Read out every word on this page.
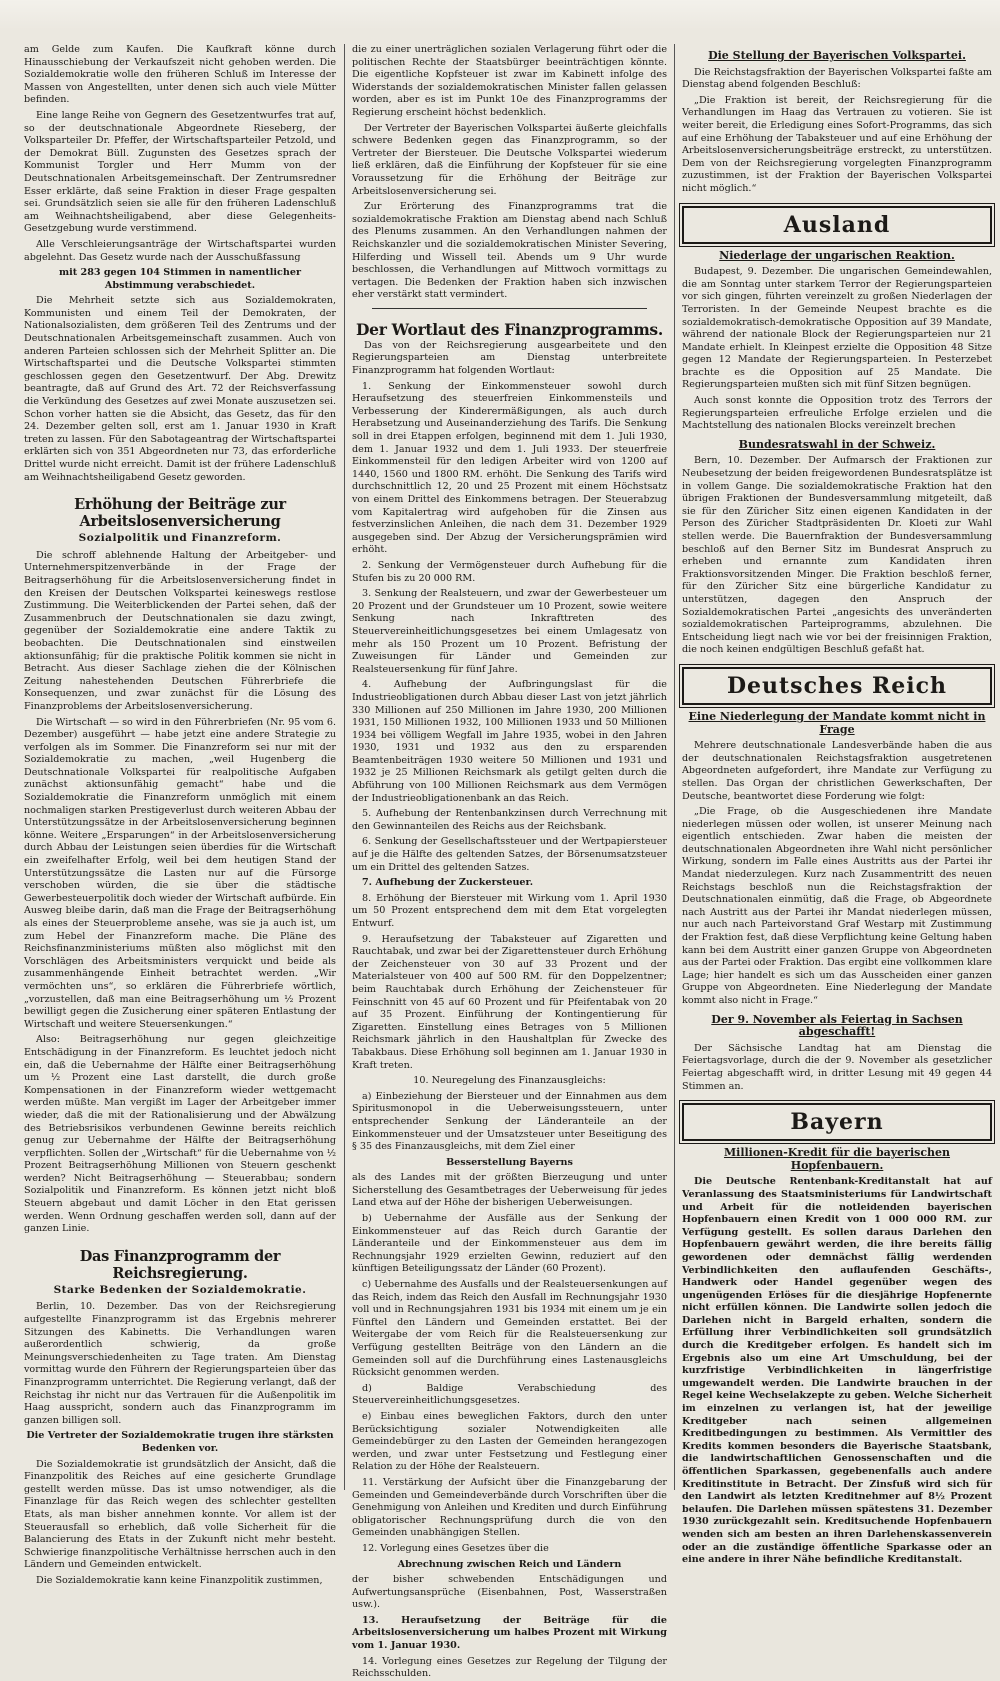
am Gelde zum Kaufen. Die Kaufkraft könne durch Hinausschiebung der Verkaufszeit nicht gehoben werden. Die Sozialdemokratie wolle den früheren Schluß im Interesse der Massen von Angestellten, unter denen sich auch viele Mütter befinden.

Eine lange Reihe von Gegnern des Gesetzentwurfes trat auf, so der deutschnationale Abgeordnete Rieseberg, der Volksparteiler Dr. Pfeffer, der Wirtschaftsparteiler Petzold, und der Demokrat Büll. Zugunsten des Gesetzes sprach der Kommunist Torgler und Herr Mumm von der Deutschnationalen Arbeitsgemeinschaft. Der Zentrumsredner Esser erklärte, daß seine Fraktion in dieser Frage gespalten sei. Grundsätzlich seien sie alle für den früheren Ladenschluß am Weihnachtsheiligabend, aber diese Gelegenheits-Gesetzgebung wurde verstimmend.

Alle Verschleierungsanträge der Wirtschaftspartei wurden abgelehnt. Das Gesetz wurde nach der Ausschußfassung

mit 283 gegen 104 Stimmen in namentlicher Abstimmung verabschiedet.

Die Mehrheit setzte sich aus Sozialdemokraten, Kommunisten und einem Teil der Demokraten, der Nationalsozialisten, dem größeren Teil des Zentrums und der Deutschnationalen Arbeitsgemeinschaft zusammen. Auch von anderen Parteien schlossen sich der Mehrheit Splitter an. Die Wirtschaftspartei und die Deutsche Volkspartei stimmten geschlossen gegen den Gesetzentwurf. Der Abg. Drewitz beantragte, daß auf Grund des Art. 72 der Reichsverfassung die Verkündung des Gesetzes auf zwei Monate auszusetzen sei. Schon vorher hatten sie die Absicht, das Gesetz, das für den 24. Dezember gelten soll, erst am 1. Januar 1930 in Kraft treten zu lassen. Für den Sabotageantrag der Wirtschaftspartei erklärten sich von 351 Abgeordneten nur 73, das erforderliche Drittel wurde nicht erreicht. Damit ist der frühere Ladenschluß am Weihnachtsheiligabend Gesetz geworden.

Erhöhung der Beiträge zur Arbeitslosenversicherung
Sozialpolitik und Finanzreform.

Die schroff ablehnende Haltung der Arbeitgeber- und Unternehmerspitzenverbände in der Frage der Beitragserhöhung für die Arbeitslosenversicherung findet in den Kreisen der Deutschen Volkspartei keineswegs restlose Zustimmung. Die Weiterblickenden der Partei sehen, daß der Zusammenbruch der Deutschnationalen sie dazu zwingt, gegenüber der Sozialdemokratie eine andere Taktik zu beobachten. Die Deutschnationalen sind einstweilen aktionsunfähig; für die praktische Politik kommen sie nicht in Betracht. Aus dieser Sachlage ziehen die der Kölnischen Zeitung nahestehenden Deutschen Führerbriefe die Konsequenzen, und zwar zunächst für die Lösung des Finanzproblems der Arbeitslosenversicherung.

Die Wirtschaft — so wird in den Führerbriefen (Nr. 95 vom 6. Dezember) ausgeführt — habe jetzt eine andere Strategie zu verfolgen als im Sommer. Die Finanzreform sei nur mit der Sozialdemokratie zu machen, „weil Hugenberg die Deutschnationale Volkspartei für realpolitische Aufgaben zunächst aktionsunfähig gemacht“ habe und die Sozialdemokratie die Finanzreform unmöglich mit einem nochmaligen starken Prestigeverlust durch weiteren Abbau der Unterstützungssätze in der Arbeitslosenversicherung beginnen könne. Weitere „Ersparungen“ in der Arbeitslosenversicherung durch Abbau der Leistungen seien überdies für die Wirtschaft ein zweifelhafter Erfolg, weil bei dem heutigen Stand der Unterstützungssätze die Lasten nur auf die Fürsorge verschoben würden, die sie über die städtische Gewerbesteuerpolitik doch wieder der Wirtschaft aufbürde. Ein Ausweg bleibe darin, daß man die Frage der Beitragserhöhung als eines der Steuerprobleme ansehe, was sie ja auch ist, um zum Hebel der Finanzreform mache. Die Pläne des Reichsfinanzministeriums müßten also möglichst mit den Vorschlägen des Arbeitsministers verquickt und beide als zusammenhängende Einheit betrachtet werden. „Wir vermöchten uns“, so erklären die Führerbriefe wörtlich, „vorzustellen, daß man eine Beitragserhöhung um ½ Prozent bewilligt gegen die Zusicherung einer späteren Entlastung der Wirtschaft und weitere Steuersenkungen.“

Also: Beitragserhöhung nur gegen gleichzeitige Entschädigung in der Finanzreform. Es leuchtet jedoch nicht ein, daß die Uebernahme der Hälfte einer Beitragserhöhung um ½ Prozent eine Last darstellt, die durch große Kompensationen in der Finanzreform wieder wettgemacht werden müßte. Man vergißt im Lager der Arbeitgeber immer wieder, daß die mit der Rationalisierung und der Abwälzung des Betriebsrisikos verbundenen Gewinne bereits reichlich genug zur Uebernahme der Hälfte der Beitragserhöhung verpflichten. Sollen der „Wirtschaft“ für die Uebernahme von ½ Prozent Beitragserhöhung Millionen von Steuern geschenkt werden? Nicht Beitragserhöhung — Steuerabbau; sondern Sozialpolitik und Finanzreform. Es können jetzt nicht bloß Steuern abgebaut und damit Löcher in den Etat gerissen werden. Wenn Ordnung geschaffen werden soll, dann auf der ganzen Linie.

Das Finanzprogramm der Reichsregierung.
Starke Bedenken der Sozialdemokratie.

Berlin, 10. Dezember. Das von der Reichsregierung aufgestellte Finanzprogramm ist das Ergebnis mehrerer Sitzungen des Kabinetts. Die Verhandlungen waren außerordentlich schwierig, da große Meinungsverschiedenheiten zu Tage traten. Am Dienstag vormittag wurde den Führern der Regierungsparteien über das Finanzprogramm unterrichtet. Die Regierung verlangt, daß der Reichstag ihr nicht nur das Vertrauen für die Außenpolitik im Haag ausspricht, sondern auch das Finanzprogramm im ganzen billigen soll.

Die Vertreter der Sozialdemokratie trugen ihre stärksten Bedenken vor.

Die Sozialdemokratie ist grundsätzlich der Ansicht, daß die Finanzpolitik des Reiches auf eine gesicherte Grundlage gestellt werden müsse. Das ist umso notwendiger, als die Finanzlage für das Reich wegen des schlechter gestellten Etats, als man bisher annehmen konnte. Vor allem ist der Steuerausfall so erheblich, daß volle Sicherheit für die Balancierung des Etats in der Zukunft nicht mehr besteht. Schwierige finanzpolitische Verhältnisse herrschen auch in den Ländern und Gemeinden entwickelt.

Die Sozialdemokratie kann keine Finanzpolitik zustimmen,

die zu einer unerträglichen sozialen Verlagerung führt oder die politischen Rechte der Staatsbürger beeinträchtigen könnte. Die eigentliche Kopfsteuer ist zwar im Kabinett infolge des Widerstands der sozialdemokratischen Minister fallen gelassen worden, aber es ist im Punkt 10e des Finanzprogramms der Regierung erscheint höchst bedenklich.

Der Vertreter der Bayerischen Volkspartei äußerte gleichfalls schwere Bedenken gegen das Finanzprogramm, so der Vertreter der Biersteuer. Die Deutsche Volkspartei wiederum ließ erklären, daß die Einführung der Kopfsteuer für sie eine Voraussetzung für die Erhöhung der Beiträge zur Arbeitslosenversicherung sei.

Zur Erörterung des Finanzprogramms trat die sozialdemokratische Fraktion am Dienstag abend nach Schluß des Plenums zusammen. An den Verhandlungen nahmen der Reichskanzler und die sozialdemokratischen Minister Severing, Hilferding und Wissell teil. Abends um 9 Uhr wurde beschlossen, die Verhandlungen auf Mittwoch vormittags zu vertagen. Die Bedenken der Fraktion haben sich inzwischen eher verstärkt statt vermindert.

Der Wortlaut des Finanzprogramms.

Das von der Reichsregierung ausgearbeitete und den Regierungsparteien am Dienstag unterbreitete Finanzprogramm hat folgenden Wortlaut:

1. Senkung der Einkommensteuer sowohl durch Heraufsetzung des steuerfreien Einkommensteils und Verbesserung der Kinderermäßigungen, als auch durch Herabsetzung und Auseinanderziehung des Tarifs. Die Senkung soll in drei Etappen erfolgen, beginnend mit dem 1. Juli 1930, dem 1. Januar 1932 und dem 1. Juli 1933. Der steuerfreie Einkommensteil für den ledigen Arbeiter wird von 1200 auf 1440, 1560 und 1800 RM. erhöht. Die Senkung des Tarifs wird durchschnittlich 12, 20 und 25 Prozent mit einem Höchstsatz von einem Drittel des Einkommens betragen. Der Steuerabzug vom Kapitalertrag wird aufgehoben für die Zinsen aus festverzinslichen Anleihen, die nach dem 31. Dezember 1929 ausgegeben sind. Der Abzug der Versicherungsprämien wird erhöht.

2. Senkung der Vermögensteuer durch Aufhebung für die Stufen bis zu 20 000 RM.

3. Senkung der Realsteuern, und zwar der Gewerbesteuer um 20 Prozent und der Grundsteuer um 10 Prozent, sowie weitere Senkung nach Inkrafttreten des Steuervereinheitlichungsgesetzes bei einem Umlagesatz von mehr als 150 Prozent um 10 Prozent. Befristung der Zuweisungen für Länder und Gemeinden zur Realsteuersenkung für fünf Jahre.

4. Aufhebung der Aufbringungslast für die Industrieobligationen durch Abbau dieser Last von jetzt jährlich 330 Millionen auf 250 Millionen im Jahre 1930, 200 Millionen 1931, 150 Millionen 1932, 100 Millionen 1933 und 50 Millionen 1934 bei völligem Wegfall im Jahre 1935, wobei in den Jahren 1930, 1931 und 1932 aus den zu ersparenden Beamtenbeiträgen 1930 weitere 50 Millionen und 1931 und 1932 je 25 Millionen Reichsmark als getilgt gelten durch die Abführung von 100 Millionen Reichsmark aus dem Vermögen der Industrieobligationenbank an das Reich.

5. Aufhebung der Rentenbankzinsen durch Verrechnung mit den Gewinnanteilen des Reichs aus der Reichsbank.

6. Senkung der Gesellschaftssteuer und der Wertpapiersteuer auf je die Hälfte des geltenden Satzes, der Börsenumsatzsteuer um ein Drittel des geltenden Satzes.

7. Aufhebung der Zuckersteuer.

8. Erhöhung der Biersteuer mit Wirkung vom 1. April 1930 um 50 Prozent entsprechend dem mit dem Etat vorgelegten Entwurf.

9. Heraufsetzung der Tabaksteuer auf Zigaretten und Rauchtabak, und zwar bei der Zigarettensteuer durch Erhöhung der Zeichensteuer von 30 auf 33 Prozent und der Materialsteuer von 400 auf 500 RM. für den Doppelzentner; beim Rauchtabak durch Erhöhung der Zeichensteuer für Feinschnitt von 45 auf 60 Prozent und für Pfeifentabak von 20 auf 35 Prozent. Einführung der Kontingentierung für Zigaretten. Einstellung eines Betrages von 5 Millionen Reichsmark jährlich in den Haushaltplan für Zwecke des Tabakbaus. Diese Erhöhung soll beginnen am 1. Januar 1930 in Kraft treten.

10. Neuregelung des Finanzausgleichs:

a) Einbeziehung der Biersteuer und der Einnahmen aus dem Spiritusmonopol in die Ueberweisungssteuern, unter entsprechender Senkung der Länderanteile an der Einkommensteuer und der Umsatzsteuer unter Beseitigung des § 35 des Finanzausgleichs, mit dem Ziel einer

Besserstellung Bayerns

als des Landes mit der größten Bierzeugung und unter Sicherstellung des Gesamtbetrages der Ueberweisung für jedes Land etwa auf der Höhe der bisherigen Ueberweisungen.

b) Uebernahme der Ausfälle aus der Senkung der Einkommensteuer auf das Reich durch Garantie der Länderanteile und der Einkommensteuer aus dem im Rechnungsjahr 1929 erzielten Gewinn, reduziert auf den künftigen Beteiligungssatz der Länder (60 Prozent).

c) Uebernahme des Ausfalls und der Realsteuersenkungen auf das Reich, indem das Reich den Ausfall im Rechnungsjahr 1930 voll und in Rechnungsjahren 1931 bis 1934 mit einem um je ein Fünftel den Ländern und Gemeinden erstattet. Bei der Weitergabe der vom Reich für die Realsteuersenkung zur Verfügung gestellten Beiträge von den Ländern an die Gemeinden soll auf die Durchführung eines Lastenausgleichs Rücksicht genommen werden.

d) Baldige Verabschiedung des Steuervereinheitlichungsgesetzes.

e) Einbau eines beweglichen Faktors, durch den unter Berücksichtigung sozialer Notwendigkeiten alle Gemeindebürger zu den Lasten der Gemeinden herangezogen werden, und zwar unter Festsetzung und Festlegung einer Relation zu der Höhe der Realsteuern.

11. Verstärkung der Aufsicht über die Finanzgebarung der Gemeinden und Gemeindeverbände durch Vorschriften über die Genehmigung von Anleihen und Krediten und durch Einführung obligatorischer Rechnungsprüfung durch die von den Gemeinden unabhängigen Stellen.

12. Vorlegung eines Gesetzes über die

Abrechnung zwischen Reich und Ländern

der bisher schwebenden Entschädigungen und Aufwertungsansprüche (Eisenbahnen, Post, Wasserstraßen usw.).

13. Heraufsetzung der Beiträge für die Arbeitslosenversicherung um halbes Prozent mit Wirkung vom 1. Januar 1930.

14. Vorlegung eines Gesetzes zur Regelung der Tilgung der Reichsschulden.

Die Stellung der Bayerischen Volkspartei.

Die Reichstagsfraktion der Bayerischen Volkspartei faßte am Dienstag abend folgenden Beschluß:

„Die Fraktion ist bereit, der Reichsregierung für die Verhandlungen im Haag das Vertrauen zu votieren. Sie ist weiter bereit, die Erledigung eines Sofort-Programms, das sich auf eine Erhöhung der Tabaksteuer und auf eine Erhöhung der Arbeitslosenversicherungsbeiträge erstreckt, zu unterstützen. Dem von der Reichsregierung vorgelegten Finanzprogramm zuzustimmen, ist der Fraktion der Bayerischen Volkspartei nicht möglich.“

Ausland
Niederlage der ungarischen Reaktion.

Budapest, 9. Dezember. Die ungarischen Gemeindewahlen, die am Sonntag unter starkem Terror der Regierungsparteien vor sich gingen, führten vereinzelt zu großen Niederlagen der Terroristen. In der Gemeinde Neupest brachte es die sozialdemokratisch-demokratische Opposition auf 39 Mandate, während der nationale Block der Regierungsparteien nur 21 Mandate erhielt. In Kleinpest erzielte die Opposition 48 Sitze gegen 12 Mandate der Regierungsparteien. In Pesterzebet brachte es die Opposition auf 25 Mandate. Die Regierungsparteien mußten sich mit fünf Sitzen begnügen.

Auch sonst konnte die Opposition trotz des Terrors der Regierungsparteien erfreuliche Erfolge erzielen und die Machtstellung des nationalen Blocks vereinzelt brechen

Bundesratswahl in der Schweiz.

Bern, 10. Dezember. Der Aufmarsch der Fraktionen zur Neubesetzung der beiden freigewordenen Bundesratsplätze ist in vollem Gange. Die sozialdemokratische Fraktion hat den übrigen Fraktionen der Bundesversammlung mitgeteilt, daß sie für den Züricher Sitz einen eigenen Kandidaten in der Person des Züricher Stadtpräsidenten Dr. Kloeti zur Wahl stellen werde. Die Bauernfraktion der Bundesversammlung beschloß auf den Berner Sitz im Bundesrat Anspruch zu erheben und ernannte zum Kandidaten ihren Fraktionsvorsitzenden Minger. Die Fraktion beschloß ferner, für den Züricher Sitz eine bürgerliche Kandidatur zu unterstützen, dagegen den Anspruch der Sozialdemokratischen Partei „angesichts des unveränderten sozialdemokratischen Parteiprogramms, abzulehnen. Die Entscheidung liegt nach wie vor bei der freisinnigen Fraktion, die noch keinen endgültigen Beschluß gefaßt hat.

Deutsches Reich
Eine Niederlegung der Mandate kommt nicht in Frage

Mehrere deutschnationale Landesverbände haben die aus der deutschnationalen Reichstagsfraktion ausgetretenen Abgeordneten aufgefordert, ihre Mandate zur Verfügung zu stellen. Das Organ der christlichen Gewerkschaften, Der Deutsche, beantwortet diese Forderung wie folgt:

„Die Frage, ob die Ausgeschiedenen ihre Mandate niederlegen müssen oder wollen, ist unserer Meinung nach eigentlich entschieden. Zwar haben die meisten der deutschnationalen Abgeordneten ihre Wahl nicht persönlicher Wirkung, sondern im Falle eines Austritts aus der Partei ihr Mandat niederzulegen. Kurz nach Zusammentritt des neuen Reichstags beschloß nun die Reichstagsfraktion der Deutschnationalen einmütig, daß die Frage, ob Abgeordnete nach Austritt aus der Partei ihr Mandat niederlegen müssen, nur auch nach Parteivorstand Graf Westarp mit Zustimmung der Fraktion fest, daß diese Verpflichtung keine Geltung haben kann bei dem Austritt einer ganzen Gruppe von Abgeordneten aus der Partei oder Fraktion. Das ergibt eine vollkommen klare Lage; hier handelt es sich um das Ausscheiden einer ganzen Gruppe von Abgeordneten. Eine Niederlegung der Mandate kommt also nicht in Frage.“

Der 9. November als Feiertag in Sachsen abgeschafft!

Der Sächsische Landtag hat am Dienstag die Feiertagsvorlage, durch die der 9. November als gesetzlicher Feiertag abgeschafft wird, in dritter Lesung mit 49 gegen 44 Stimmen an.

Bayern
Millionen-Kredit für die bayerischen Hopfenbauern.

Die Deutsche Rentenbank-Kreditanstalt hat auf Veranlassung des Staatsministeriums für Landwirtschaft und Arbeit für die notleidenden bayerischen Hopfenbauern einen Kredit von 1 000 000 RM. zur Verfügung gestellt. Es sollen daraus Darlehen den Hopfenbauern gewährt werden, die ihre bereits fällig gewordenen oder demnächst fällig werdenden Verbindlichkeiten den auflaufenden Geschäfts-, Handwerk oder Handel gegenüber wegen des ungenügenden Erlöses für die diesjährige Hopfenernte nicht erfüllen können. Die Landwirte sollen jedoch die Darlehen nicht in Bargeld erhalten, sondern die Erfüllung ihrer Verbindlichkeiten soll grundsätzlich durch die Kreditgeber erfolgen. Es handelt sich im Ergebnis also um eine Art Umschuldung, bei der kurzfristige Verbindlichkeiten in längerfristige umgewandelt werden. Die Landwirte brauchen in der Regel keine Wechselakzepte zu geben. Welche Sicherheit im einzelnen zu verlangen ist, hat der jeweilige Kreditgeber nach seinen allgemeinen Kreditbedingungen zu bestimmen. Als Vermittler des Kredits kommen besonders die Bayerische Staatsbank, die landwirtschaftlichen Genossenschaften und die öffentlichen Sparkassen, gegebenenfalls auch andere Kreditinstitute in Betracht. Der Zinsfuß wird sich für den Landwirt als letzten Kreditnehmer auf 8½ Prozent belaufen. Die Darlehen müssen spätestens 31. Dezember 1930 zurückgezahlt sein. Kreditsuchende Hopfenbauern wenden sich am besten an ihren Darlehenskassenverein oder an die zuständige öffentliche Sparkasse oder an eine andere in ihrer Nähe befindliche Kreditanstalt.
